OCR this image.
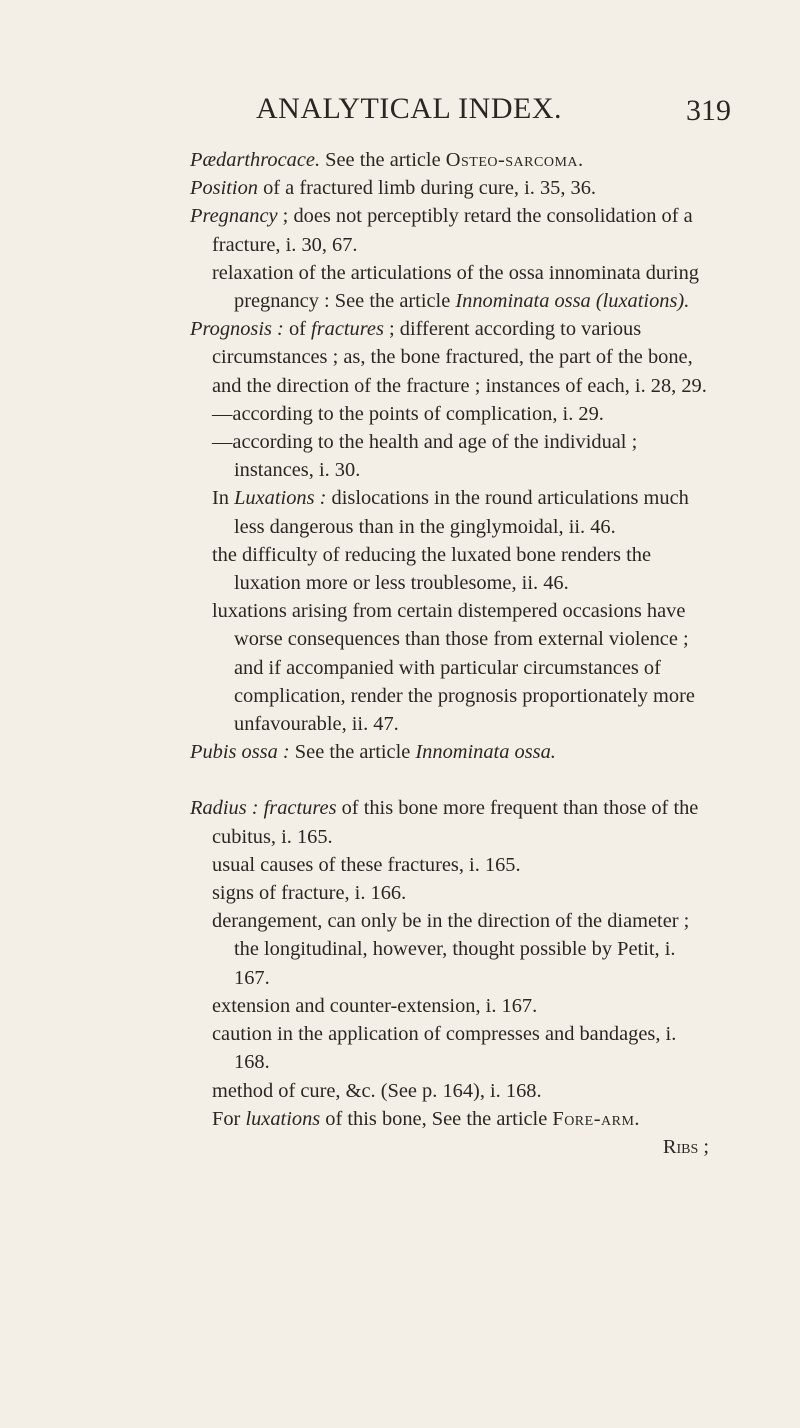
ANALYTICAL INDEX.	319

Pædarthrocace. See the article Osteo-sarcoma.

Position of a fractured limb during cure, i. 35, 36.

Pregnancy ; does not perceptibly retard the consolidation of a fracture, i. 30, 67.

relaxation of the articulations of the ossa innominata during pregnancy : See the article Innominata ossa (luxations).

Prognosis : of fractures ; different according to various circumstances ; as, the bone fractured, the part of the bone, and the direction of the fracture ; instances of each, i. 28, 29.

—according to the points of complication, i. 29.

—according to the health and age of the individual ; instances, i. 30.

In Luxations : dislocations in the round articulations much less dangerous than in the ginglymoidal, ii. 46.

the difficulty of reducing the luxated bone renders the luxation more or less troublesome, ii. 46.

luxations arising from certain distempered occasions have worse consequences than those from external violence ; and if accompanied with particular circumstances of complication, render the prognosis proportionately more unfavourable, ii. 47.

Pubis ossa : See the article Innominata ossa.

Radius : fractures of this bone more frequent than those of the cubitus, i. 165.

usual causes of these fractures, i. 165.

signs of fracture, i. 166.

derangement, can only be in the direction of the diameter ; the longitudinal, however, thought possible by Petit, i. 167.

extension and counter-extension, i. 167.

caution in the application of compresses and bandages, i. 168.

method of cure, &c. (See p. 164), i. 168.

For luxations of this bone, See the article Fore-arm.

Ribs ;
